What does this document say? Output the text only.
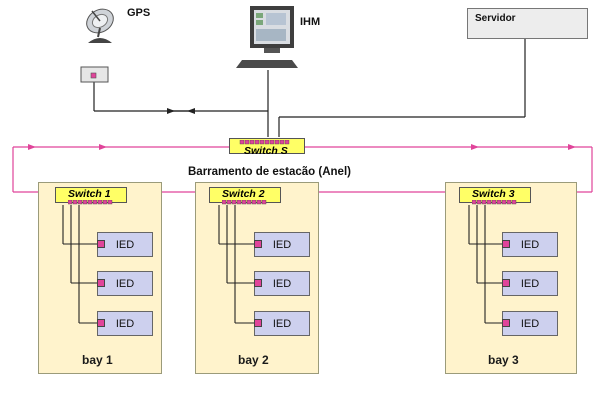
GPS
IHM	Servidor
Switch S
Barramento de estacão (Anel)
Switch 1
IED
IED
IED
bay 1
Switch 2
IED
IED
IED
bay 2
Switch 3
IED
IED
IED
bay 3
